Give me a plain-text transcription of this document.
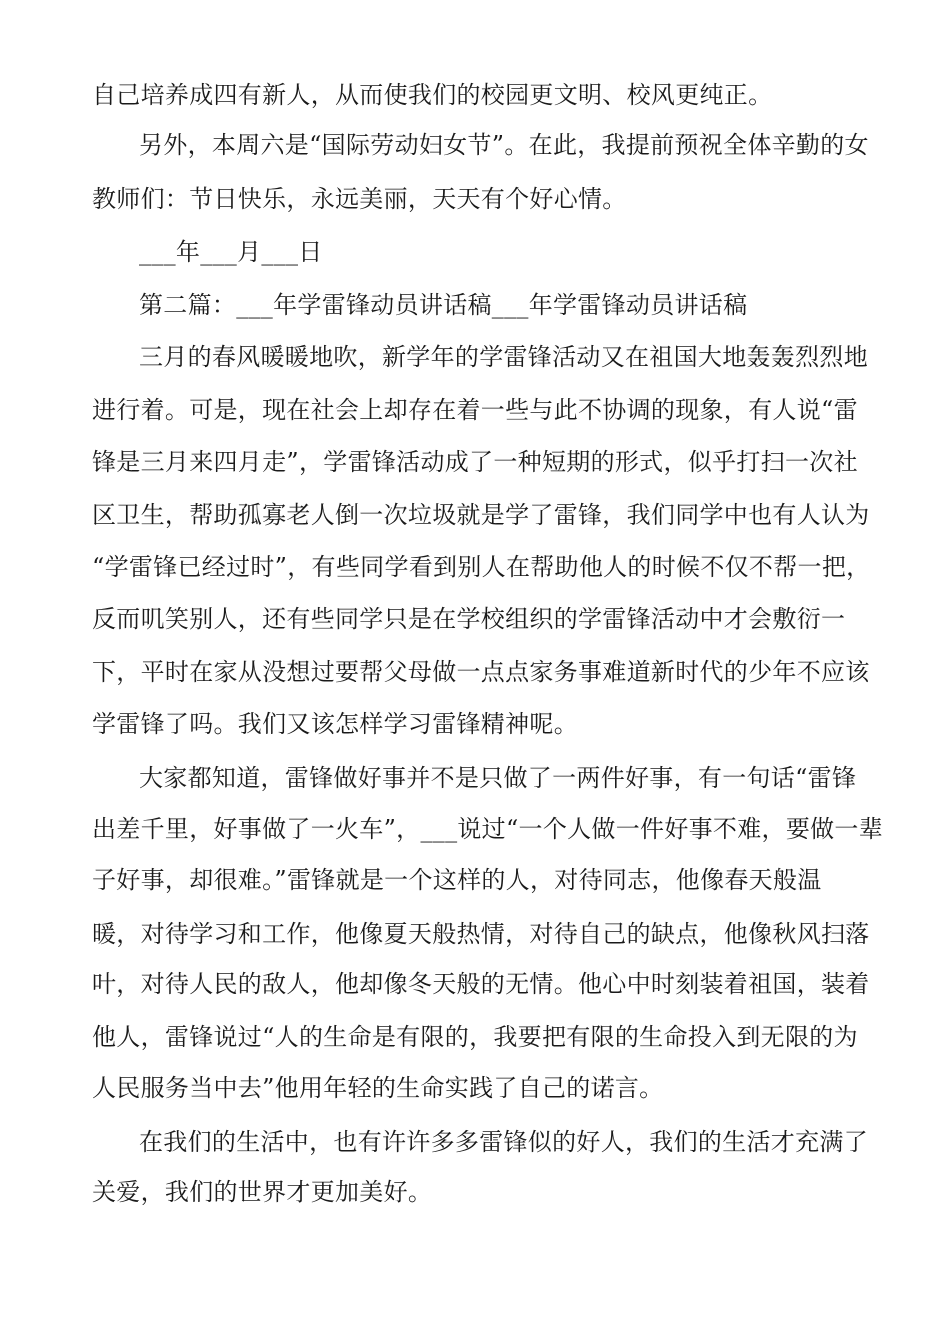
自己培养成四有新人，从而使我们的校园更文明、校风更纯正。
另外，本周六是“国际劳动妇女节”。在此，我提前预祝全体辛勤的女
教师们：节日快乐，永远美丽，天天有个好心情。
___年___月___日
第二篇：___年学雷锋动员讲话稿___年学雷锋动员讲话稿
三月的春风暖暖地吹，新学年的学雷锋活动又在祖国大地轰轰烈烈地
进行着。可是，现在社会上却存在着一些与此不协调的现象，有人说“雷
锋是三月来四月走”，学雷锋活动成了一种短期的形式，似乎打扫一次社
区卫生，帮助孤寡老人倒一次垃圾就是学了雷锋，我们同学中也有人认为
“学雷锋已经过时”，有些同学看到别人在帮助他人的时候不仅不帮一把，
反而叽笑别人，还有些同学只是在学校组织的学雷锋活动中才会敷衍一
下，平时在家从没想过要帮父母做一点点家务事难道新时代的少年不应该
学雷锋了吗。我们又该怎样学习雷锋精神呢。
大家都知道，雷锋做好事并不是只做了一两件好事，有一句话“雷锋
出差千里，好事做了一火车”，___说过“一个人做一件好事不难，要做一辈
子好事，却很难。”雷锋就是一个这样的人，对待同志，他像春天般温
暖，对待学习和工作，他像夏天般热情，对待自己的缺点，他像秋风扫落
叶，对待人民的敌人，他却像冬天般的无情。他心中时刻装着祖国，装着
他人，雷锋说过“人的生命是有限的，我要把有限的生命投入到无限的为
人民服务当中去”他用年轻的生命实践了自己的诺言。
在我们的生活中，也有许许多多雷锋似的好人，我们的生活才充满了
关爱，我们的世界才更加美好。
